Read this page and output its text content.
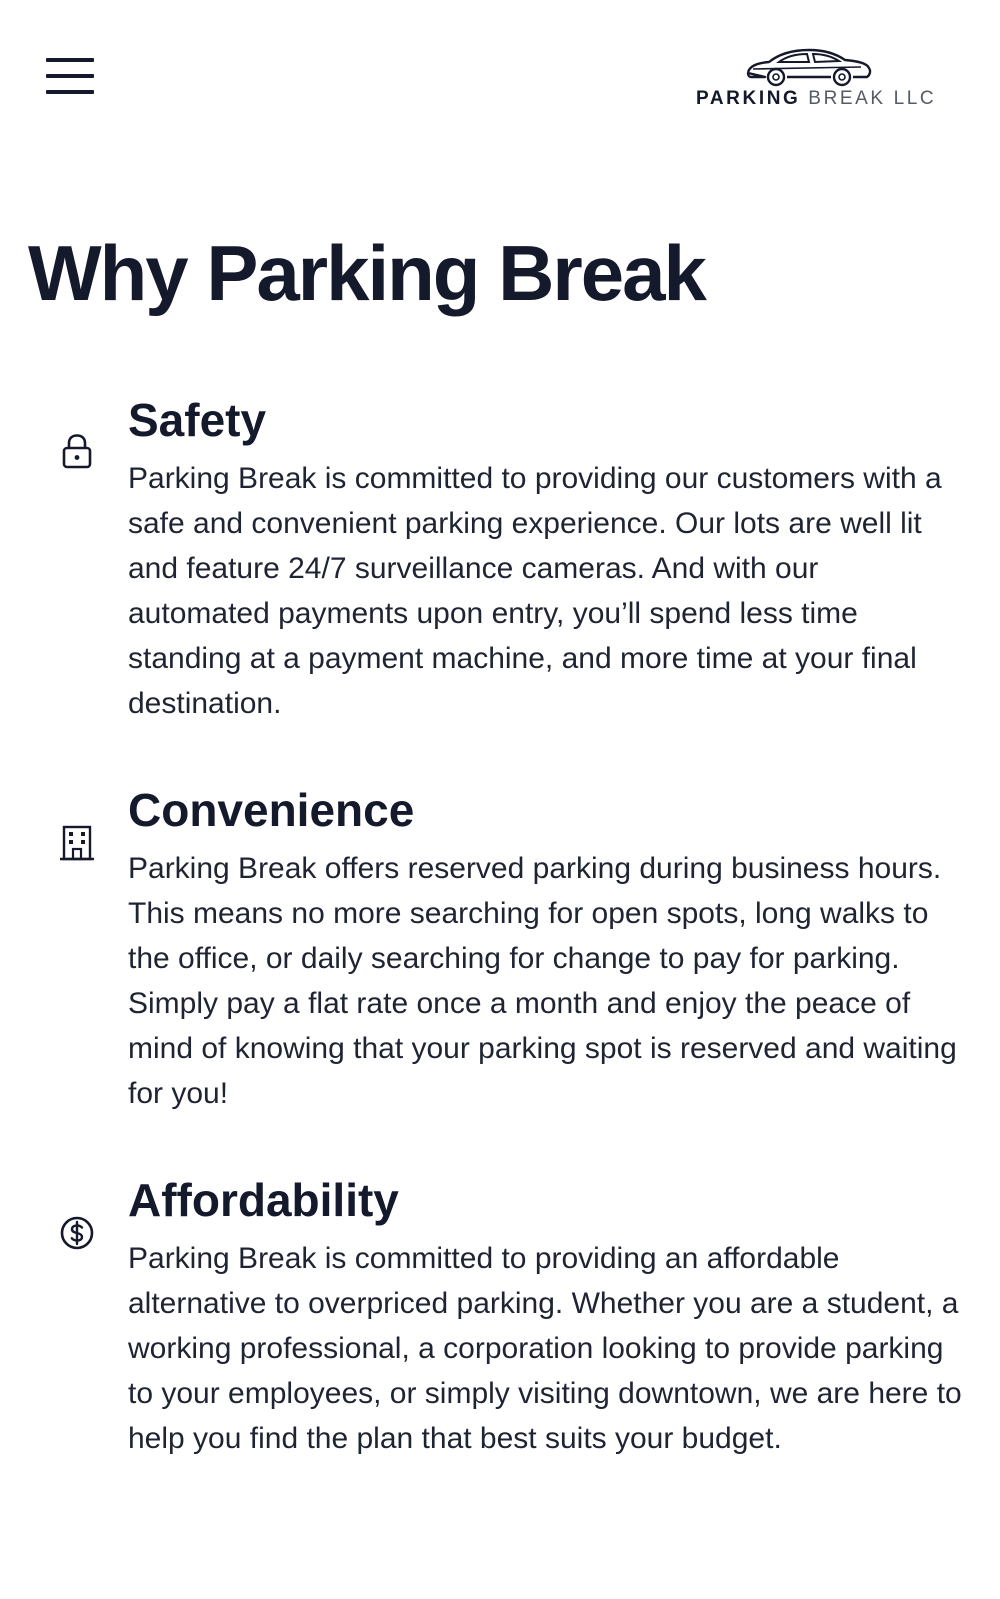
PARKING BREAK LLC
Why Parking Break
Safety

Parking Break is committed to providing our customers with a safe and convenient parking experience. Our lots are well lit and feature 24/7 surveillance cameras. And with our automated payments upon entry, you’ll spend less time standing at a payment machine, and more time at your final destination.

Convenience

Parking Break offers reserved parking during business hours. This means no more searching for open spots, long walks to the office, or daily searching for change to pay for parking. Simply pay a flat rate once a month and enjoy the peace of mind of knowing that your parking spot is reserved and waiting for you!

Affordability

Parking Break is committed to providing an affordable alternative to overpriced parking. Whether you are a student, a working professional, a corporation looking to provide parking to your employees, or simply visiting downtown, we are here to help you find the plan that best suits your budget.
